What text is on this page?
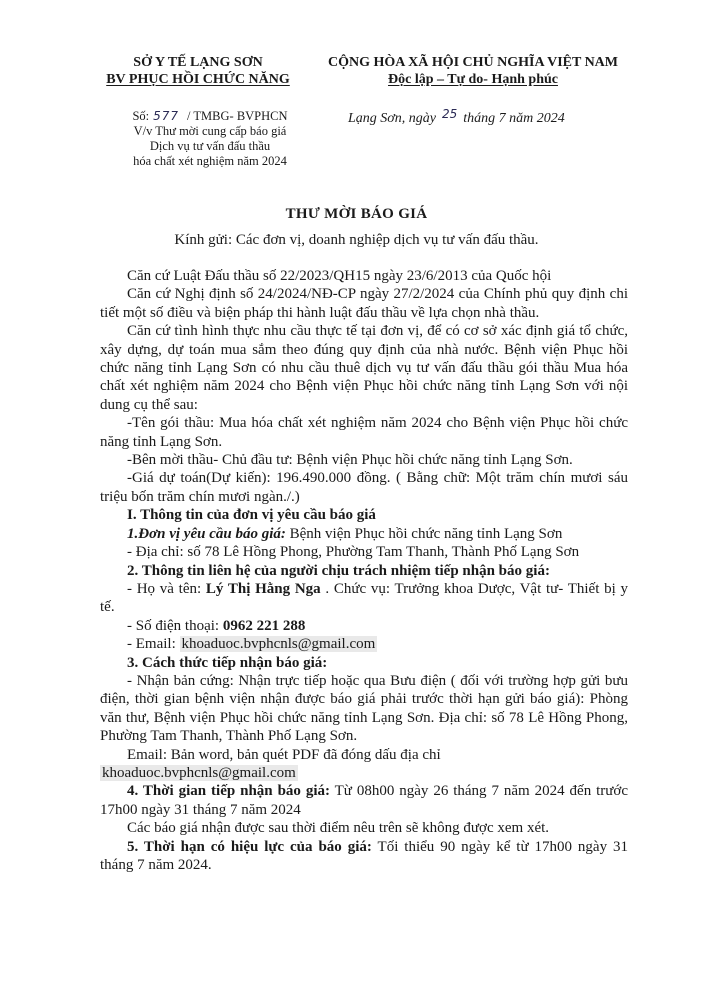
SỞ Y TẾ LẠNG SƠN
BV PHỤC HỒI CHỨC NĂNG
CỘNG HÒA XÃ HỘI CHỦ NGHĨA VIỆT NAM
Độc lập – Tự do- Hạnh phúc
Số: 577 / TMBG- BVPHCN
V/v Thư mời cung cấp báo giá
Dịch vụ tư vấn đấu thầu
hóa chất xét nghiệm năm 2024
Lạng Sơn, ngày 25 tháng 7 năm 2024
THƯ MỜI BÁO GIÁ
Kính gửi: Các đơn vị, doanh nghiệp dịch vụ tư vấn đấu thầu.

Căn cứ Luật Đấu thầu số 22/2023/QH15 ngày 23/6/2013 của Quốc hội

Căn cứ Nghị định số 24/2024/NĐ-CP ngày 27/2/2024 của Chính phủ quy định chi tiết một số điều và biện pháp thi hành luật đấu thầu về lựa chọn nhà thầu.

Căn cứ tình hình thực nhu cầu thực tế tại đơn vị, để có cơ sở xác định giá tổ chức, xây dựng, dự toán mua sắm theo đúng quy định của nhà nước. Bệnh viện Phục hồi chức năng tỉnh Lạng Sơn có nhu cầu thuê dịch vụ tư vấn đấu thầu gói thầu Mua hóa chất xét nghiệm năm 2024 cho Bệnh viện Phục hồi chức năng tỉnh Lạng Sơn với nội dung cụ thể sau:

-Tên gói thầu: Mua hóa chất xét nghiệm năm 2024 cho Bệnh viện Phục hồi chức năng tỉnh Lạng Sơn.

-Bên mời thầu- Chủ đầu tư: Bệnh viện Phục hồi chức năng tỉnh Lạng Sơn.

-Giá dự toán(Dự kiến): 196.490.000 đồng. ( Bằng chữ: Một trăm chín mươi sáu triệu bốn trăm chín mươi ngàn./.)

I. Thông tin của đơn vị yêu cầu báo giá

1.Đơn vị yêu cầu báo giá: Bệnh viện Phục hồi chức năng tỉnh Lạng Sơn

- Địa chỉ: số 78 Lê Hồng Phong, Phường Tam Thanh, Thành Phố Lạng Sơn

2. Thông tin liên hệ của người chịu trách nhiệm tiếp nhận báo giá:

- Họ và tên: Lý Thị Hằng Nga . Chức vụ: Trưởng khoa Dược, Vật tư- Thiết bị y tế.

- Số điện thoại: 0962 221 288

- Email: khoaduoc.bvphcnls@gmail.com

3. Cách thức tiếp nhận báo giá:

- Nhận bản cứng: Nhận trực tiếp hoặc qua Bưu điện ( đối với trường hợp gửi bưu điện, thời gian bệnh viện nhận được báo giá phải trước thời hạn gửi báo giá): Phòng văn thư, Bệnh viện Phục hồi chức năng tỉnh Lạng Sơn. Địa chỉ: số 78 Lê Hồng Phong, Phường Tam Thanh, Thành Phố Lạng Sơn.

Email: Bản word, bản quét PDF đã đóng dấu địa chỉ

khoaduoc.bvphcnls@gmail.com

4. Thời gian tiếp nhận báo giá: Từ 08h00 ngày 26 tháng 7 năm 2024 đến trước 17h00 ngày 31 tháng 7 năm 2024

Các báo giá nhận được sau thời điểm nêu trên sẽ không được xem xét.

5. Thời hạn có hiệu lực của báo giá: Tối thiểu 90 ngày kể từ 17h00 ngày 31 tháng 7 năm 2024.
